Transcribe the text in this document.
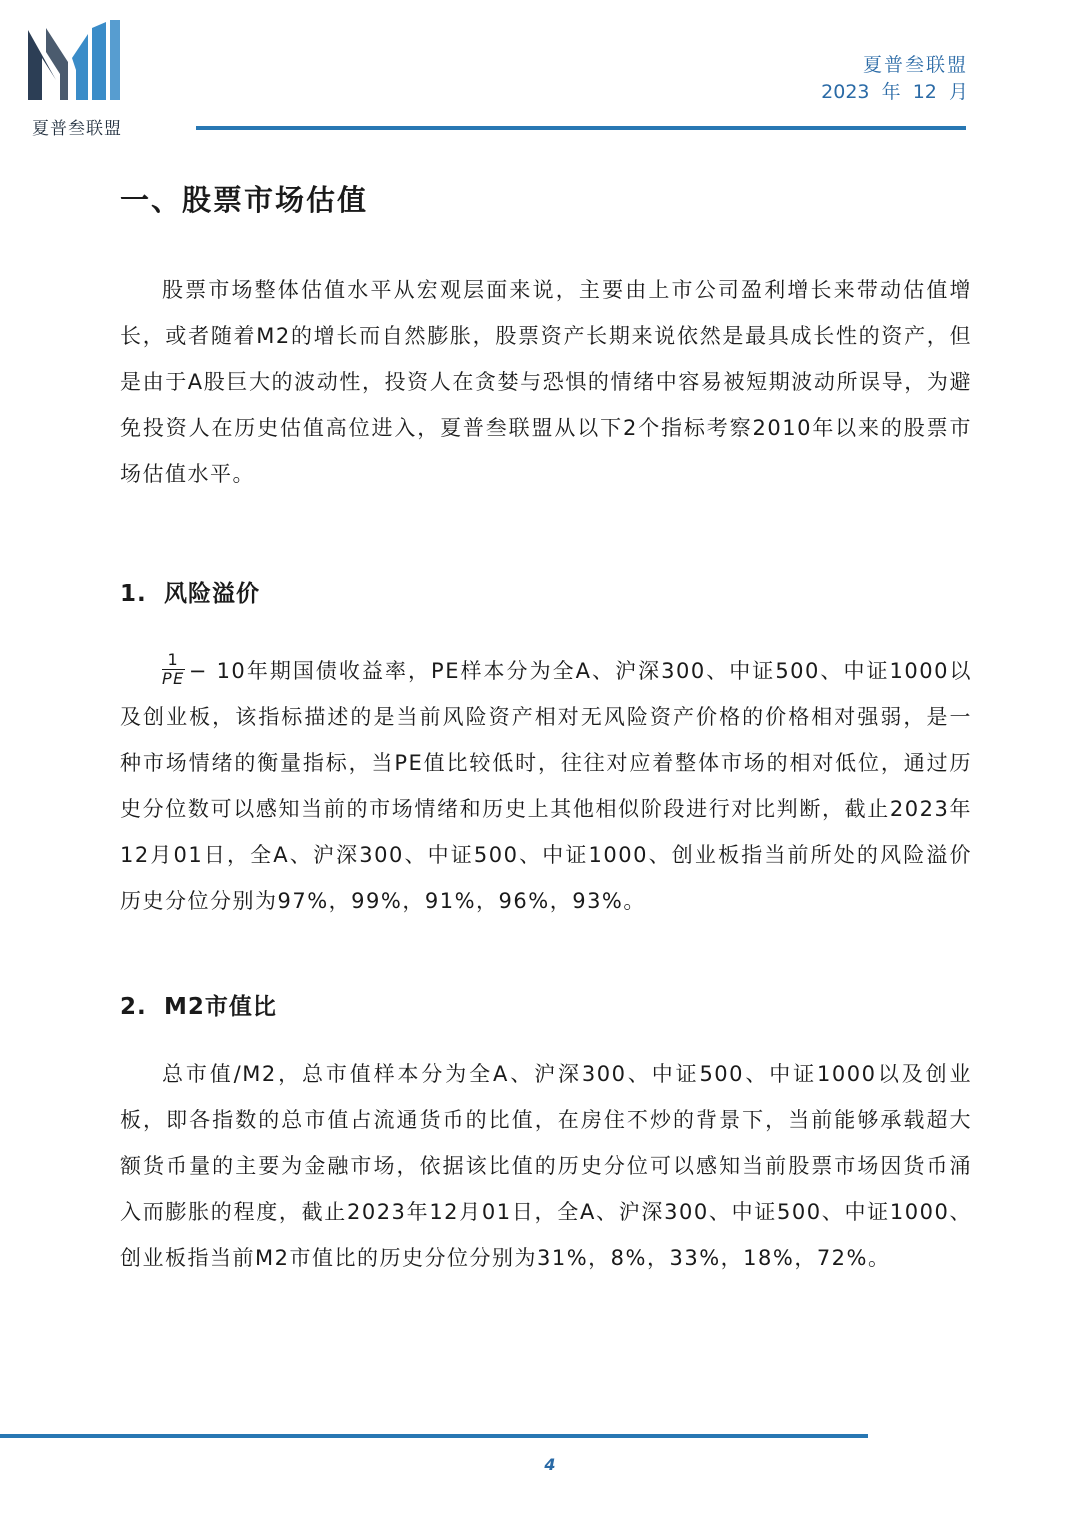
夏普叁联盟
夏普叁联盟
2023 年 12 月
一、股票市场估值

股票市场整体估值水平从宏观层面来说，主要由上市公司盈利增长来带动估值增长，或者随着M2的增长而自然膨胀，股票资产长期来说依然是最具成长性的资产，但是由于A股巨大的波动性，投资人在贪婪与恐惧的情绪中容易被短期波动所误导，为避免投资人在历史估值高位进入，夏普叁联盟从以下2个指标考察2010年以来的股票市场估值水平。

1. 风险溢价

$\frac{1}{PE} - 10$年期国债收益率，PE样本分为全A、沪深300、中证500、中证1000以及创业板，该指标描述的是当前风险资产相对无风险资产价格的价格相对强弱，是一种市场情绪的衡量指标，当PE值比较低时，往往对应着整体市场的相对低位，通过历史分位数可以感知当前的市场情绪和历史上其他相似阶段进行对比判断，截止2023年12月01日，全A、沪深300、中证500、中证1000、创业板指当前所处的风险溢价历史分位分别为97%，99%，91%，96%，93%。

2. M2市值比

总市值/M2，总市值样本分为全A、沪深300、中证500、中证1000以及创业板，即各指数的总市值占流通货币的比值，在房住不炒的背景下，当前能够承载超大额货币量的主要为金融市场，依据该比值的历史分位可以感知当前股票市场因货币涌入而膨胀的程度，截止2023年12月01日，全A、沪深300、中证500、中证1000、创业板指当前M2市值比的历史分位分别为31%，8%，33%，18%，72%。

4
